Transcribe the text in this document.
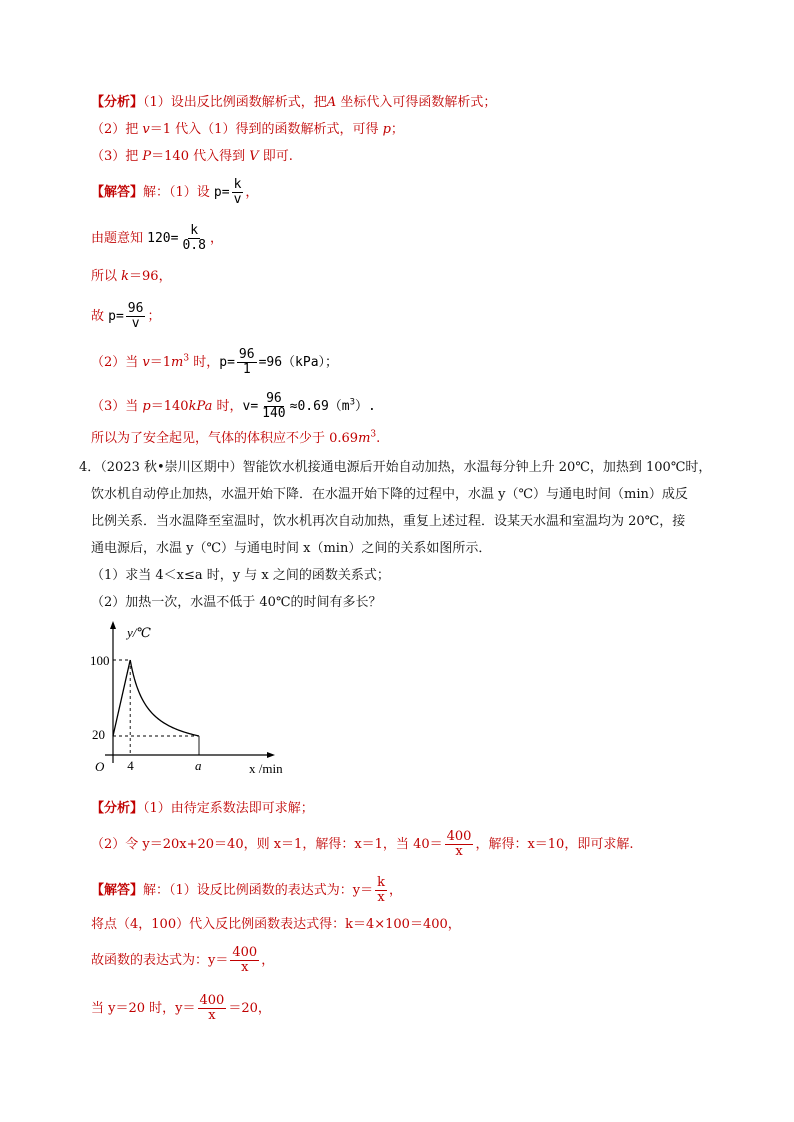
【分析】（1）设出反比例函数解析式，把A 坐标代入可得函数解析式；
（2）把 v＝1 代入（1）得到的函数解析式，可得 p；
（3）把 P＝140 代入得到 V 即可.
【解答】解：（1）设 $p= \frac{k}{v}$ ，
由题意知 $120= \frac{k}{0.8}$ ，
所以 k＝96，
故 $p= \frac{96}{v}$ ；
（2）当 $v=1m^3$ 时，$p= \frac{96}{1} =96(kPa)$；
（3）当 p＝140kPa 时，$v= \frac{96}{140} \approx 0.69(m^3)$.
所以为了安全起见，气体的体积应不少于 $0.69m^3$.
4．（2023 秋•崇川区期中）智能饮水机接通电源后开始自动加热，水温每分钟上升 20℃，加热到 100℃时，
饮水机自动停止加热，水温开始下降．在水温开始下降的过程中，水温 y（℃）与通电时间（min）成反
比例关系．当水温降至室温时，饮水机再次自动加热，重复上述过程．设某天水温和室温均为 20℃，接
通电源后，水温 y（℃）与通电时间 x（min）之间的关系如图所示．
（1）求当 4＜x≤a 时，y 与 x 之间的函数关系式；
（2）加热一次，水温不低于 40℃的时间有多长？
y/℃
100
20
O 4	a	x /min
【分析】（1）由待定系数法即可求解；
（2）令 y＝20x+20＝40，则 x＝1，解得：x＝1，当 $40= \frac{400}{x}$ ，解得：x＝10，即可求解.
【解答】解：（1）设反比例函数的表达式为：$y= \frac{k}{x}$ ，
将点（4，100）代入反比例函数表达式得：k＝4×100＝400，
故函数的表达式为：$y= \frac{400}{x}$ ，
当 y＝20 时，$y= \frac{400}{x} =20$，
